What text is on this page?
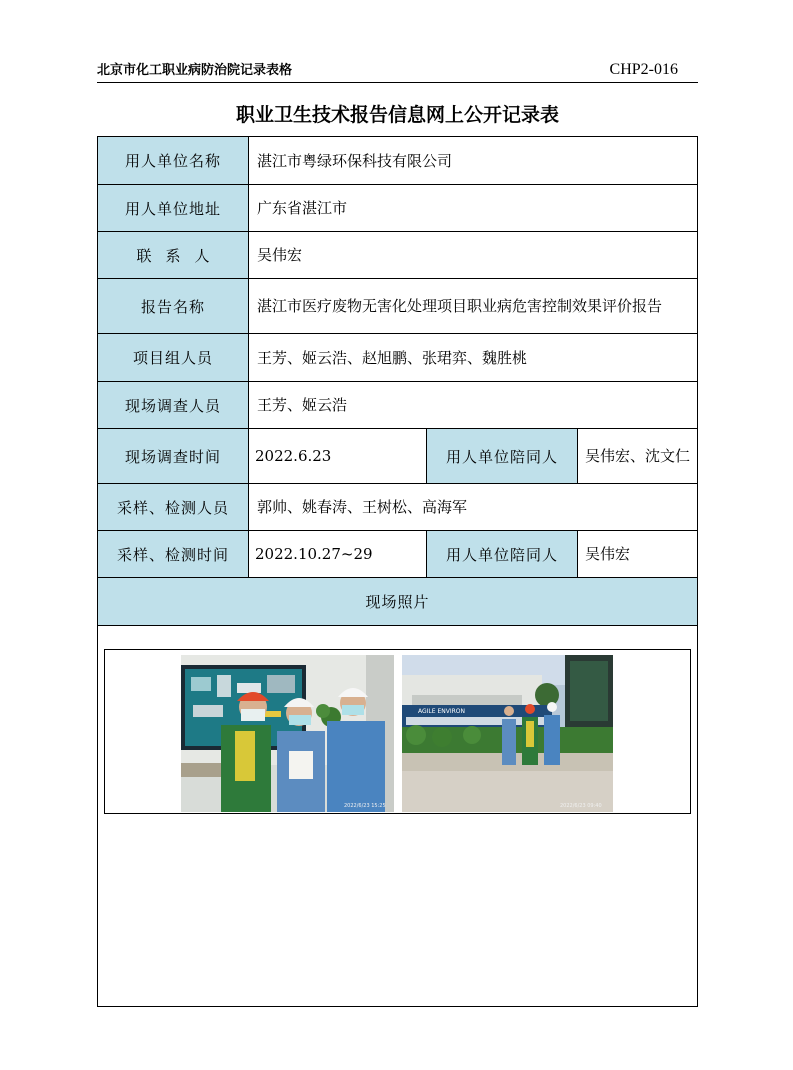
北京市化工职业病防治院记录表格	CHP2-016
职业卫生技术报告信息网上公开记录表
用人单位名称	湛江市粤绿环保科技有限公司
用人单位地址	广东省湛江市
联系人	吴伟宏
报告名称	湛江市医疗废物无害化处理项目职业病危害控制效果评价报告
项目组人员	王芳、姬云浩、赵旭鹏、张珺弈、魏胜桃
现场调查人员	王芳、姬云浩
现场调查时间	2022.6.23	用人单位陪同人	吴伟宏、沈文仁
采样、检测人员	郭帅、姚春涛、王树松、高海军
采样、检测时间	2022.10.27~29	用人单位陪同人	吴伟宏
现场照片
2022/6/23 15:25
AGILE ENVIRON
2022/6/23 09:40
